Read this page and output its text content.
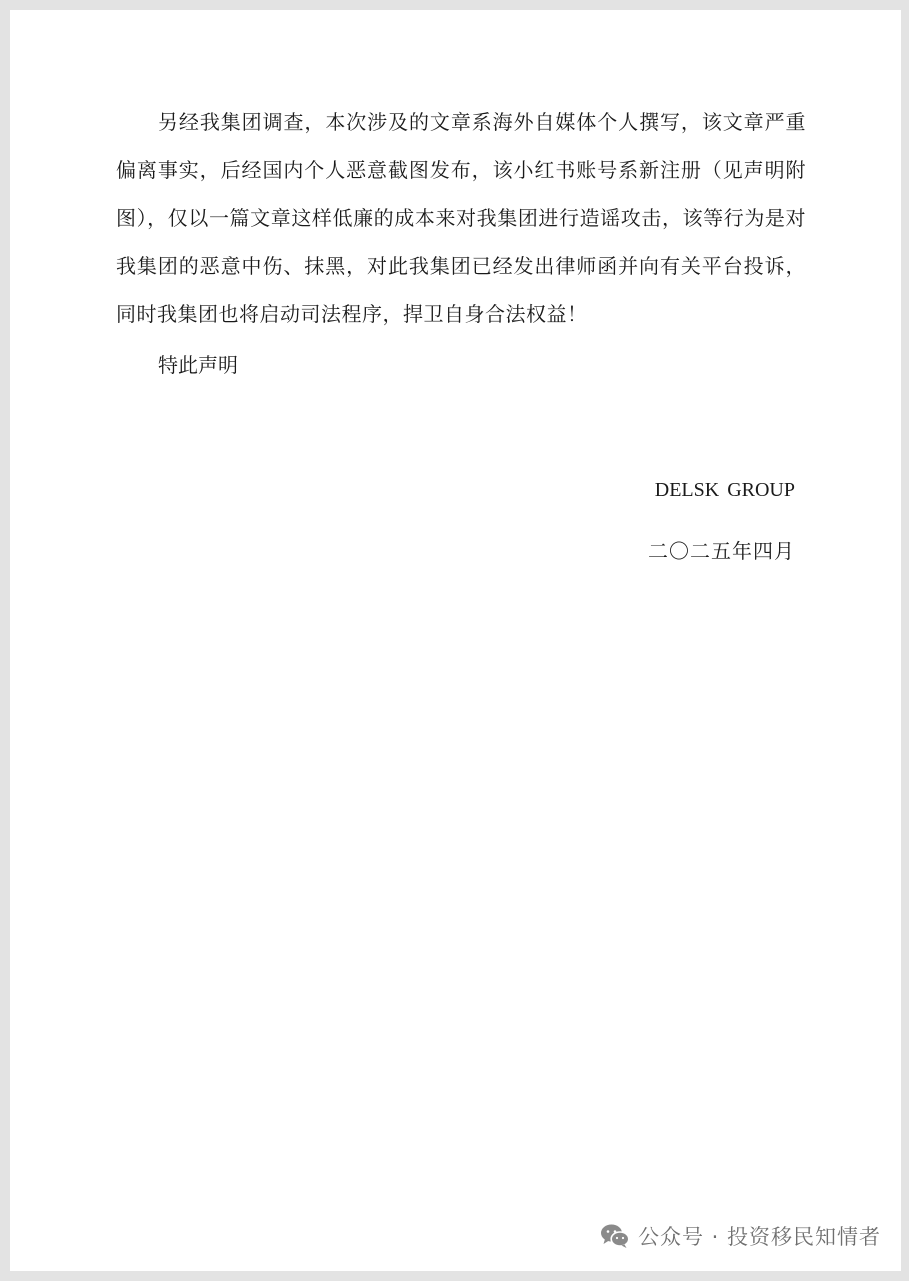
另经我集团调查，本次涉及的文章系海外自媒体个人撰写，该文章严重偏离事实，后经国内个人恶意截图发布，该小红书账号系新注册（见声明附图），仅以一篇文章这样低廉的成本来对我集团进行造谣攻击，该等行为是对我集团的恶意中伤、抹黑，对此我集团已经发出律师函并向有关平台投诉，同时我集团也将启动司法程序，捍卫自身合法权益！

特此声明

DELSK GROUP

二〇二五年四月

公众号 · 投资移民知情者
